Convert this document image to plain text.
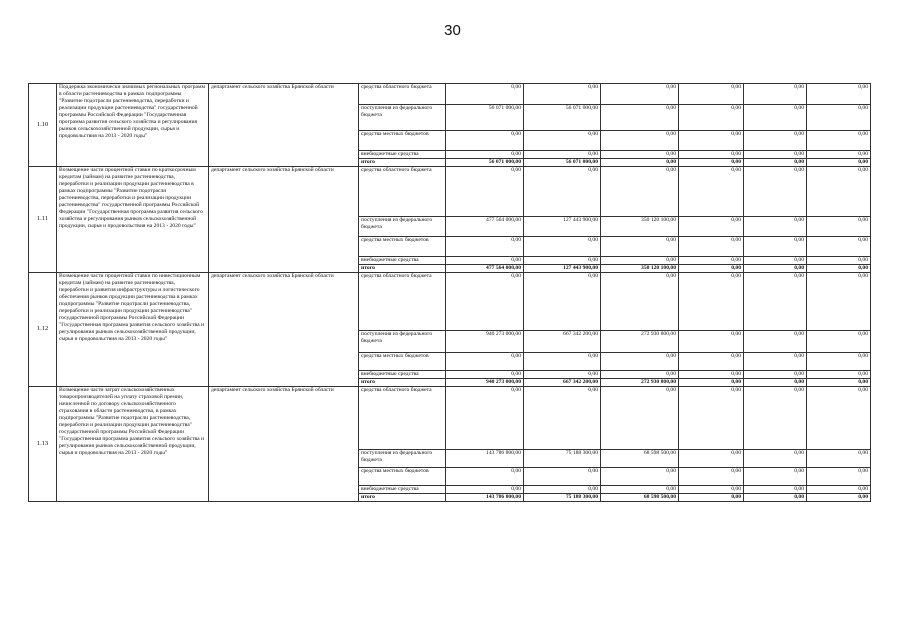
30
1.10	Поддержка экономически значимых региональных программ в области растениеводства в рамках подпрограммы "Развитие подотрасли растениеводства, переработки и реализации продукции растениеводства" государственной программы Российской Федерации "Государственная программа развития сельского хозяйства и регулирования рынков сельскохозяйственной продукции, сырья и продовольствия на 2013 - 2020 годы"	департамент сельского хозяйства Брянской области	средства областного бюджета	0,00	0,00	0,00	0,00	0,00	0,00
			поступления из федерального бюджета	56 071 000,00	56 071 000,00	0,00	0,00	0,00	0,00
			средства местных бюджетов	0,00	0,00	0,00	0,00	0,00	0,00
			внебюджетные средства	0,00	0,00	0,00	0,00	0,00	0,00
			итого	56 071 000,00	56 071 000,00	0,00	0,00	0,00	0,00
1.11	Возмещение части процентной ставки по краткосрочным кредитам (займам) на развитие растениеводства, переработки и реализации продукции растениеводства в рамках подпрограммы "Развитие подотрасли растениеводства, переработки и реализации продукции растениеводства" государственной программы Российской Федерации "Государственная программа развития сельского хозяйства и регулирования рынков сельскохозяйственной продукции, сырья и продовольствия на 2013 - 2020 годы"	департамент сельского хозяйства Брянской области	средства областного бюджета	0,00	0,00	0,00	0,00	0,00	0,00
			поступления из федерального бюджета	477 564 000,00	127 443 900,00	350 120 100,00	0,00	0,00	0,00
			средства местных бюджетов	0,00	0,00	0,00	0,00	0,00	0,00
			внебюджетные средства	0,00	0,00	0,00	0,00	0,00	0,00
			итого	477 564 000,00	127 443 900,00	350 120 100,00	0,00	0,00	0,00
1.12	Возмещение части процентной ставки по инвестиционным кредитам (займам) на развитие растениеводства, переработки и развития инфраструктуры и логистического обеспечения рынков продукции растениеводства в рамках подпрограммы "Развитие подотрасли растениеводства, переработки и реализации продукции растениеводства" государственной программы Российской Федерации "Государственная программа развития сельского хозяйства и регулирования рынков сельскохозяйственной продукции, сырья и продовольствия на 2013 - 2020 годы"	департамент сельского хозяйства Брянской области	средства областного бюджета	0,00	0,00	0,00	0,00	0,00	0,00
			поступления из федерального бюджета	940 273 000,00	667 342 200,00	272 930 800,00	0,00	0,00	0,00
			средства местных бюджетов	0,00	0,00	0,00	0,00	0,00	0,00
			внебюджетные средства	0,00	0,00	0,00	0,00	0,00	0,00
			итого	940 273 000,00	667 342 200,00	272 930 800,00	0,00	0,00	0,00
1.13	Возмещение части затрат сельскохозяйственных товаропроизводителей на уплату страховой премии, начисленной по договору сельскохозяйственного страхования в области растениеводства, в рамках подпрограммы "Развитие подотрасли растениеводства, переработки и реализации продукции растениеводства" государственной программы Российской Федерации "Государственная программа развития сельского хозяйства и регулирования рынков сельскохозяйственной продукции, сырья и продовольствия на 2013 - 2020 годы"	департамент сельского хозяйства Брянской области	средства областного бюджета	0,00	0,00	0,00	0,00	0,00	0,00
			поступления из федерального бюджета	143 786 800,00	75 188 300,00	68 598 500,00	0,00	0,00	0,00
			средства местных бюджетов	0,00	0,00	0,00	0,00	0,00	0,00
			внебюджетные средства	0,00	0,00	0,00	0,00	0,00	0,00
			итого	143 786 800,00	75 188 300,00	68 598 500,00	0,00	0,00	0,00
